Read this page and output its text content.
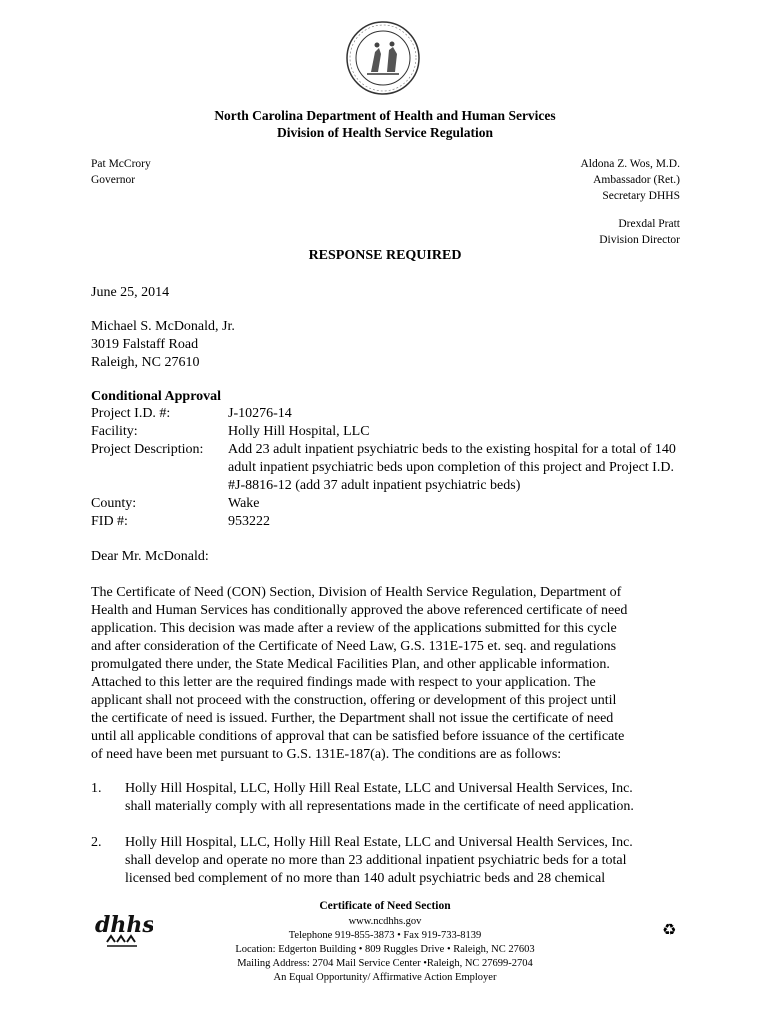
North Carolina Department of Health and Human Services
Division of Health Service Regulation
Pat McCrory
Governor
Aldona Z. Wos, M.D.
Ambassador (Ret.)
Secretary DHHS
Drexdal Pratt
Division Director
RESPONSE REQUIRED
June 25, 2014
Michael S. McDonald, Jr.
3019 Falstaff Road
Raleigh, NC 27610
Conditional Approval
Project I.D. #:	J-10276-14
Facility:	Holly Hill Hospital, LLC
Project Description:	Add 23 adult inpatient psychiatric beds to the existing hospital for a total of 140 adult inpatient psychiatric beds upon completion of this project and Project I.D. #J-8816-12 (add 37 adult inpatient psychiatric beds)
County:	Wake
FID #:	953222
Dear Mr. McDonald:
The Certificate of Need (CON) Section, Division of Health Service Regulation, Department of
Health and Human Services has conditionally approved the above referenced certificate of need
application. This decision was made after a review of the applications submitted for this cycle
and after consideration of the Certificate of Need Law, G.S. 131E-175 et. seq. and regulations
promulgated there under, the State Medical Facilities Plan, and other applicable information.
Attached to this letter are the required findings made with respect to your application. The
applicant shall not proceed with the construction, offering or development of this project until
the certificate of need is issued. Further, the Department shall not issue the certificate of need
until all applicable conditions of approval that can be satisfied before issuance of the certificate
of need have been met pursuant to G.S. 131E-187(a). The conditions are as follows:
1.	Holly Hill Hospital, LLC, Holly Hill Real Estate, LLC and Universal Health Services, Inc.
shall materially comply with all representations made in the certificate of need application.
2.	Holly Hill Hospital, LLC, Holly Hill Real Estate, LLC and Universal Health Services, Inc.
shall develop and operate no more than 23 additional inpatient psychiatric beds for a total
licensed bed complement of no more than 140 adult psychiatric beds and 28 chemical
dhhs
Certificate of Need Section
www.ncdhhs.gov
Telephone 919-855-3873 • Fax 919-733-8139
Location: Edgerton Building • 809 Ruggles Drive • Raleigh, NC 27603
Mailing Address: 2704 Mail Service Center •Raleigh, NC 27699-2704
An Equal Opportunity/ Affirmative Action Employer
♻
